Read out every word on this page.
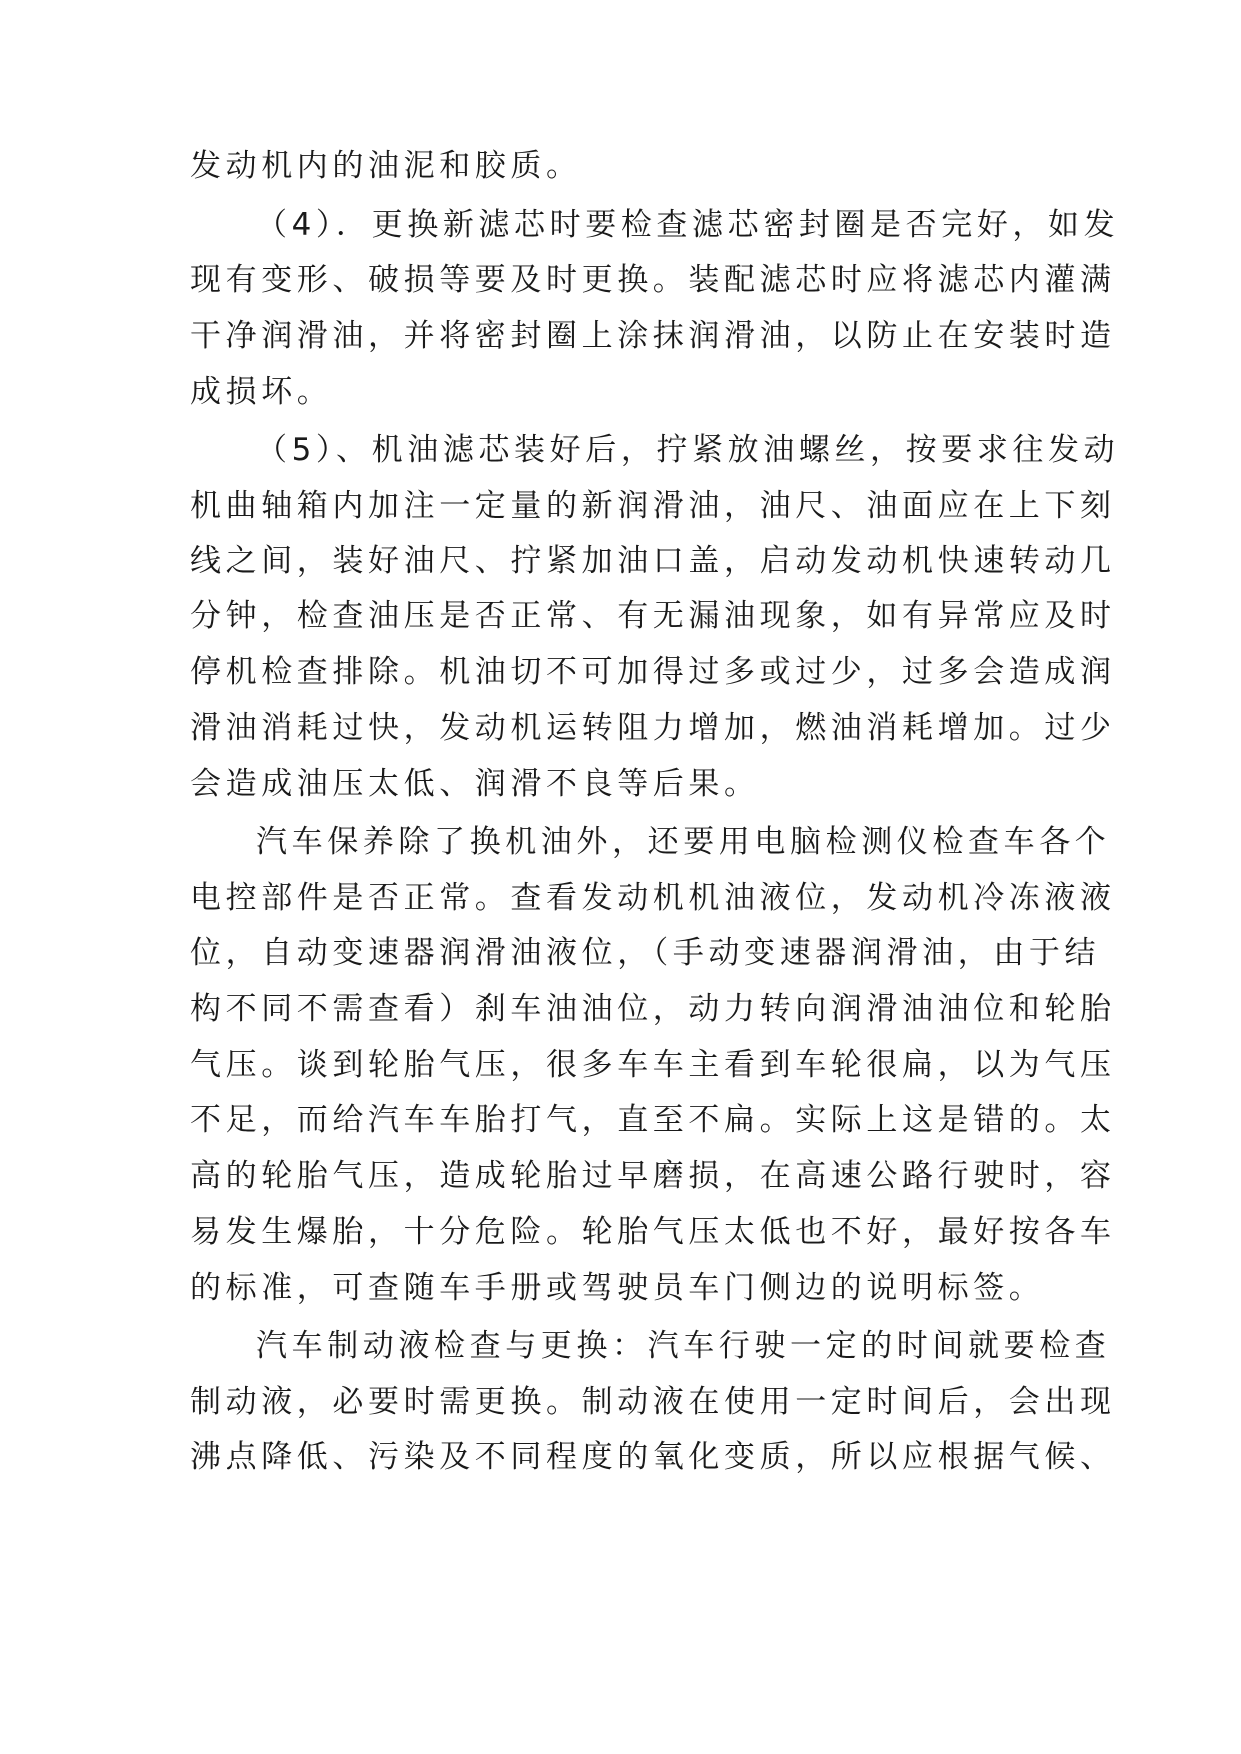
发动机内的油泥和胶质。

（4）．更换新滤芯时要检查滤芯密封圈是否完好，如发

现有变形、破损等要及时更换。装配滤芯时应将滤芯内灌满

干净润滑油，并将密封圈上涂抹润滑油，以防止在安装时造

成损坏。

（5）、机油滤芯装好后，拧紧放油螺丝，按要求往发动

机曲轴箱内加注一定量的新润滑油，油尺、油面应在上下刻

线之间，装好油尺、拧紧加油口盖，启动发动机快速转动几

分钟，检查油压是否正常、有无漏油现象，如有异常应及时

停机检查排除。机油切不可加得过多或过少，过多会造成润

滑油消耗过快，发动机运转阻力增加，燃油消耗增加。过少

会造成油压太低、润滑不良等后果。

汽车保养除了换机油外，还要用电脑检测仪检查车各个

电控部件是否正常。查看发动机机油液位，发动机冷冻液液

位，自动变速器润滑油液位，（手动变速器润滑油，由于结

构不同不需查看）刹车油油位，动力转向润滑油油位和轮胎

气压。谈到轮胎气压，很多车车主看到车轮很扁，以为气压

不足，而给汽车车胎打气，直至不扁。实际上这是错的。太

高的轮胎气压，造成轮胎过早磨损，在高速公路行驶时，容

易发生爆胎，十分危险。轮胎气压太低也不好，最好按各车

的标准，可查随车手册或驾驶员车门侧边的说明标签。

汽车制动液检查与更换：汽车行驶一定的时间就要检查

制动液，必要时需更换。制动液在使用一定时间后，会出现

沸点降低、污染及不同程度的氧化变质，所以应根据气候、
